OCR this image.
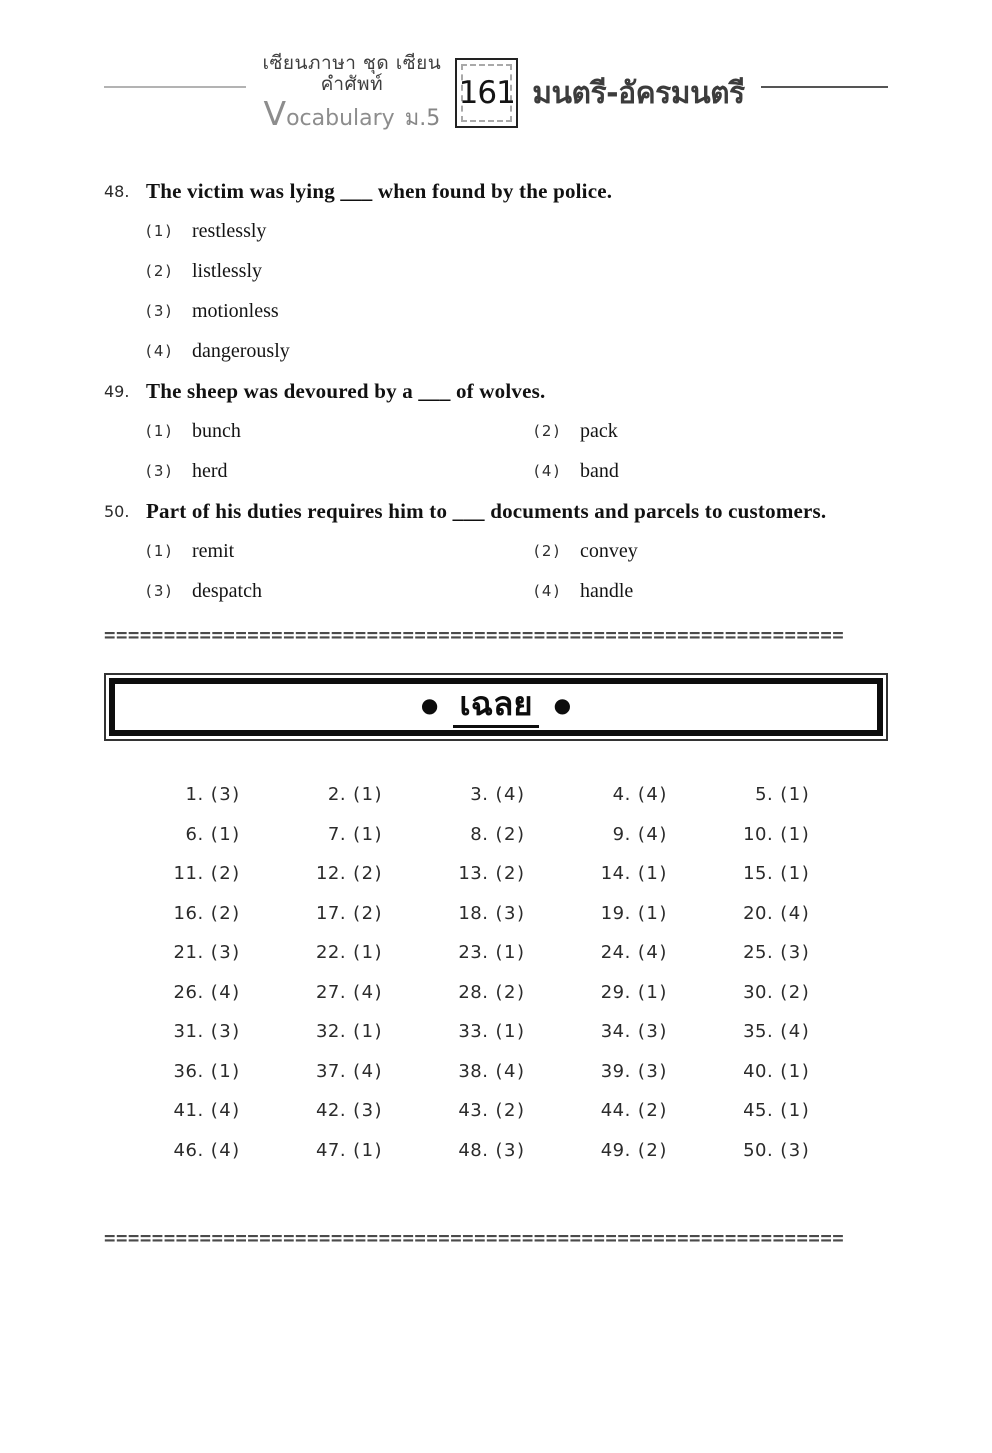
เซียนภาษา ชุด เซียนคำศัพท์
Vocabulary ม.5
161 มนตรี-อัครมนตรี
48. The victim was lying ___ when found by the police.
(1) restlessly
(2) listlessly
(3) motionless
(4) dangerously
49. The sheep was devoured by a ___ of wolves.
(1) bunch	(2) pack
(3) herd	(4) band
50. Part of his duties requires him to ___ documents and parcels to customers.
(1) remit	(2) convey
(3) despatch	(4) handle
==============================================================
● เฉลย	●
1. (3)	2. (1)	3. (4)	4. (4)	5. (1)
6. (1)	7. (1)	8. (2)	9. (4)	10. (1)
11. (2)	12. (2)	13. (2)	14. (1)	15. (1)
16. (2)	17. (2)	18. (3)	19. (1)	20. (4)
21. (3)	22. (1)	23. (1)	24. (4)	25. (3)
26. (4)	27. (4)	28. (2)	29. (1)	30. (2)
31. (3)	32. (1)	33. (1)	34. (3)	35. (4)
36. (1)	37. (4)	38. (4)	39. (3)	40. (1)
41. (4)	42. (3)	43. (2)	44. (2)	45. (1)
46. (4)	47. (1)	48. (3)	49. (2)	50. (3)
==============================================================
